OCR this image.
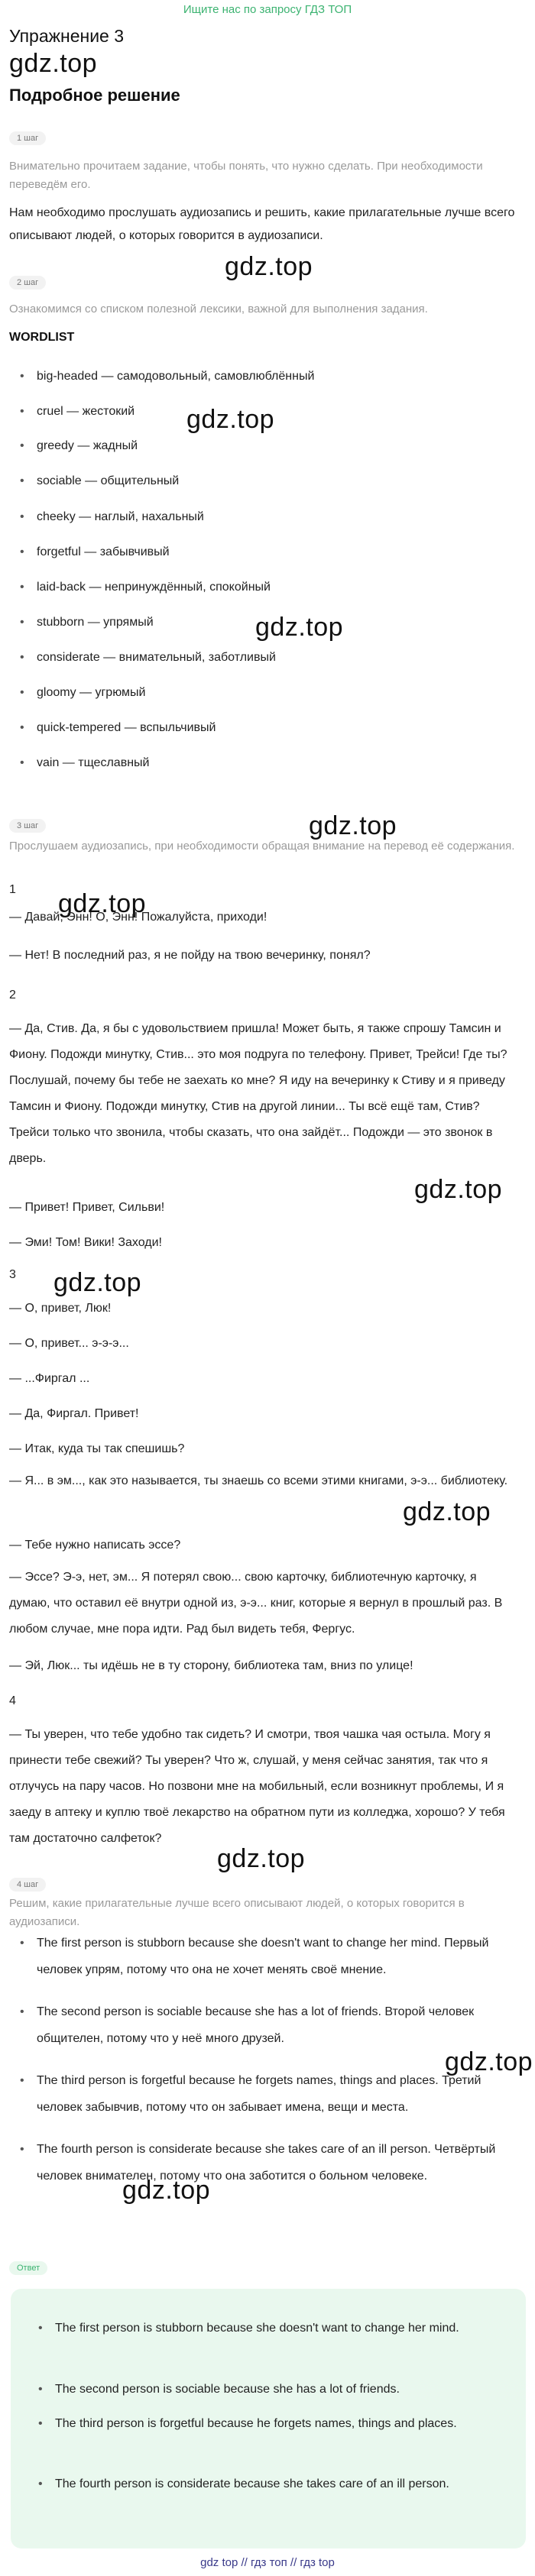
Ищите нас по запросу ГДЗ ТОП
Упражнение 3
gdz.top
gdz.top
gdz.top
gdz.top
gdz.top
gdz.top
gdz.top
gdz.top
gdz.top
gdz.top
gdz.top
gdz.top
Подробное решение
1 шаг
Внимательно прочитаем задание, чтобы понять, что нужно сделать. При необходимости переведём его.
Нам необходимо прослушать аудиозапись и решить, какие прилагательные лучше всего описывают людей, о которых говорится в аудиозаписи.
2 шаг
Ознакомимся со списком полезной лексики, важной для выполнения задания.
WORDLIST
• big-headed — самодовольный, самовлюблённый
• cruel — жестокий
• greedy — жадный
• sociable — общительный
• cheeky — наглый, нахальный
• forgetful — забывчивый
• laid-back — непринуждённый, спокойный
• stubborn — упрямый
• considerate — внимательный, заботливый
• gloomy — угрюмый
• quick-tempered — вспыльчивый
• vain — тщеславный
3 шаг
Прослушаем аудиозапись, при необходимости обращая внимание на перевод её содержания.
1
— Давай, Энн! О, Энн! Пожалуйста, приходи!
— Нет! В последний раз, я не пойду на твою вечеринку, понял?
2
— Да, Стив. Да, я бы с удовольствием пришла! Может быть, я также спрошу Тамсин и Фиону. Подожди минутку, Стив... это моя подруга по телефону. Привет, Трейси! Где ты? Послушай, почему бы тебе не заехать ко мне? Я иду на вечеринку к Стиву и я приведу Тамсин и Фиону. Подожди минутку, Стив на другой линии... Ты всё ещё там, Стив? Трейси только что звонила, чтобы сказать, что она зайдёт... Подожди — это звонок в дверь.
— Привет! Привет, Сильви!
— Эми! Том! Вики! Заходи!
3
— О, привет, Люк!
— О, привет... э-э-э...
— ...Фиргал ...
— Да, Фиргал. Привет!
— Итак, куда ты так спешишь?
— Я... в эм..., как это называется, ты знаешь со всеми этими книгами, э-э... библиотеку.
— Тебе нужно написать эссе?
— Эссе? Э-э, нет, эм... Я потерял свою... свою карточку, библиотечную карточку, я думаю, что оставил её внутри одной из, э-э... книг, которые я вернул в прошлый раз. В любом случае, мне пора идти. Рад был видеть тебя, Фергус.
— Эй, Люк... ты идёшь не в ту сторону, библиотека там, вниз по улице!
4
— Ты уверен, что тебе удобно так сидеть? И смотри, твоя чашка чая остыла. Могу я принести тебе свежий? Ты уверен? Что ж, слушай, у меня сейчас занятия, так что я отлучусь на пару часов. Но позвони мне на мобильный, если возникнут проблемы, И я заеду в аптеку и куплю твоё лекарство на обратном пути из колледжа, хорошо? У тебя там достаточно салфеток?
4 шаг
Решим, какие прилагательные лучше всего описывают людей, о которых говорится в аудиозаписи.
• The first person is stubborn because she doesn't want to change her mind. Первый человек упрям, потому что она не хочет менять своё мнение.
• The second person is sociable because she has a lot of friends. Второй человек общителен, потому что у неё много друзей.
• The third person is forgetful because he forgets names, things and places. Третий человек забывчив, потому что он забывает имена, вещи и места.
• The fourth person is considerate because she takes care of an ill person. Четвёртый человек внимателен, потому что она заботится о больном человеке.
Ответ
• The first person is stubborn because she doesn't want to change her mind.
• The second person is sociable because she has a lot of friends.
• The third person is forgetful because he forgets names, things and places.
• The fourth person is considerate because she takes care of an ill person.
gdz top // гдз топ // гдз top
